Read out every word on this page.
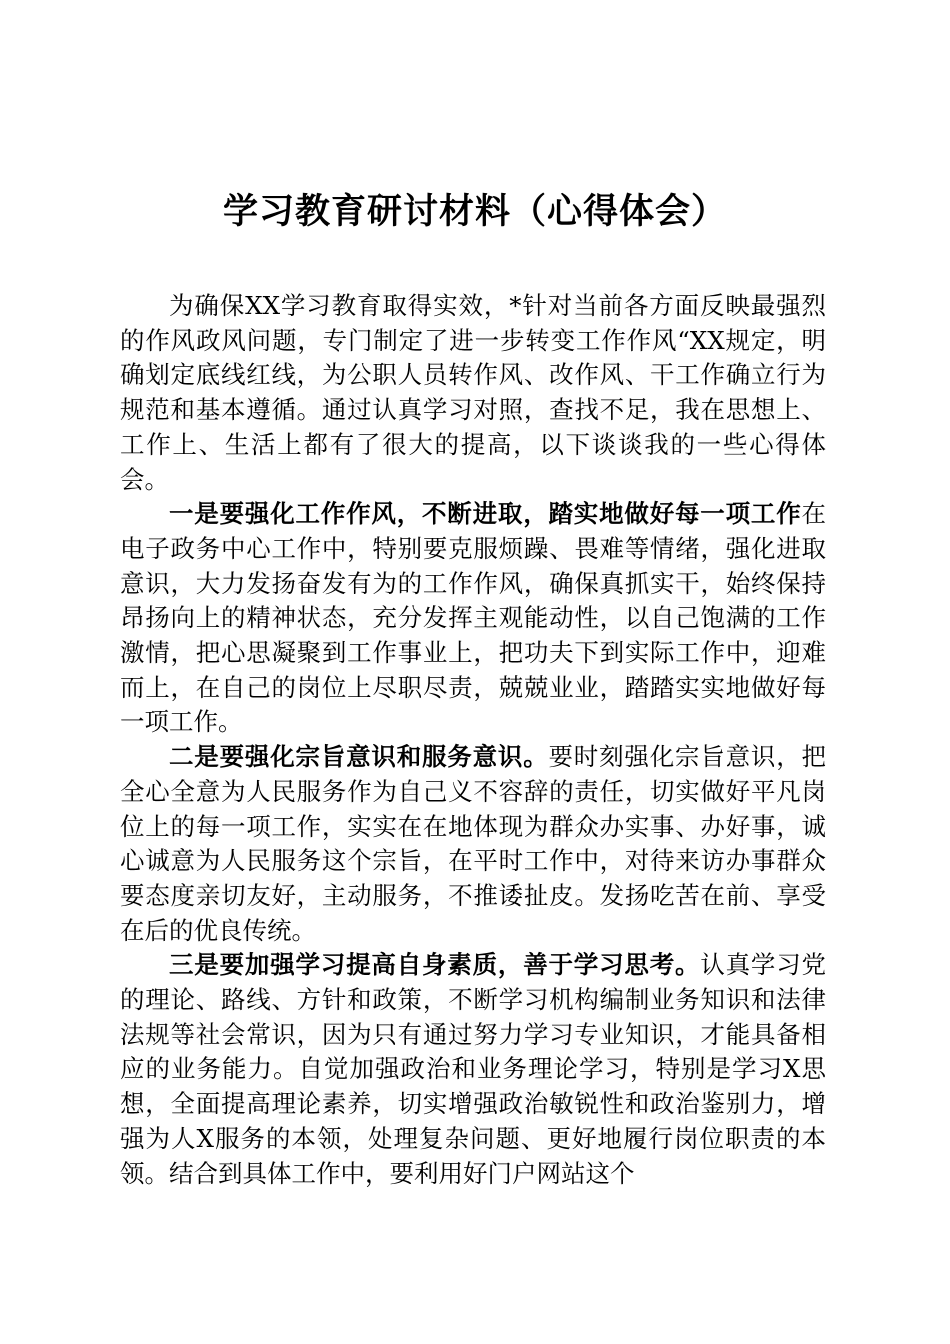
学习教育研讨材料（心得体会）

为确保XX学习教育取得实效，*针对当前各方面反映最强烈的作风政风问题，专门制定了进一步转变工作作风“XX规定，明确划定底线红线，为公职人员转作风、改作风、干工作确立行为规范和基本遵循。通过认真学习对照，查找不足，我在思想上、工作上、生活上都有了很大的提高，以下谈谈我的一些心得体会。

一是要强化工作作风，不断进取，踏实地做好每一项工作在电子政务中心工作中，特别要克服烦躁、畏难等情绪，强化进取意识，大力发扬奋发有为的工作作风，确保真抓实干，始终保持昂扬向上的精神状态，充分发挥主观能动性，以自己饱满的工作激情，把心思凝聚到工作事业上，把功夫下到实际工作中，迎难而上，在自己的岗位上尽职尽责，兢兢业业，踏踏实实地做好每一项工作。

二是要强化宗旨意识和服务意识。要时刻强化宗旨意识，把全心全意为人民服务作为自己义不容辞的责任，切实做好平凡岗位上的每一项工作，实实在在地体现为群众办实事、办好事，诚心诚意为人民服务这个宗旨，在平时工作中，对待来访办事群众要态度亲切友好，主动服务，不推诿扯皮。发扬吃苦在前、享受在后的优良传统。

三是要加强学习提高自身素质，善于学习思考。认真学习党的理论、路线、方针和政策，不断学习机构编制业务知识和法律法规等社会常识，因为只有通过努力学习专业知识，才能具备相应的业务能力。自觉加强政治和业务理论学习，特别是学习X思想，全面提高理论素养，切实增强政治敏锐性和政治鉴别力，增强为人X服务的本领，处理复杂问题、更好地履行岗位职责的本领。结合到具体工作中，要利用好门户网站这个
